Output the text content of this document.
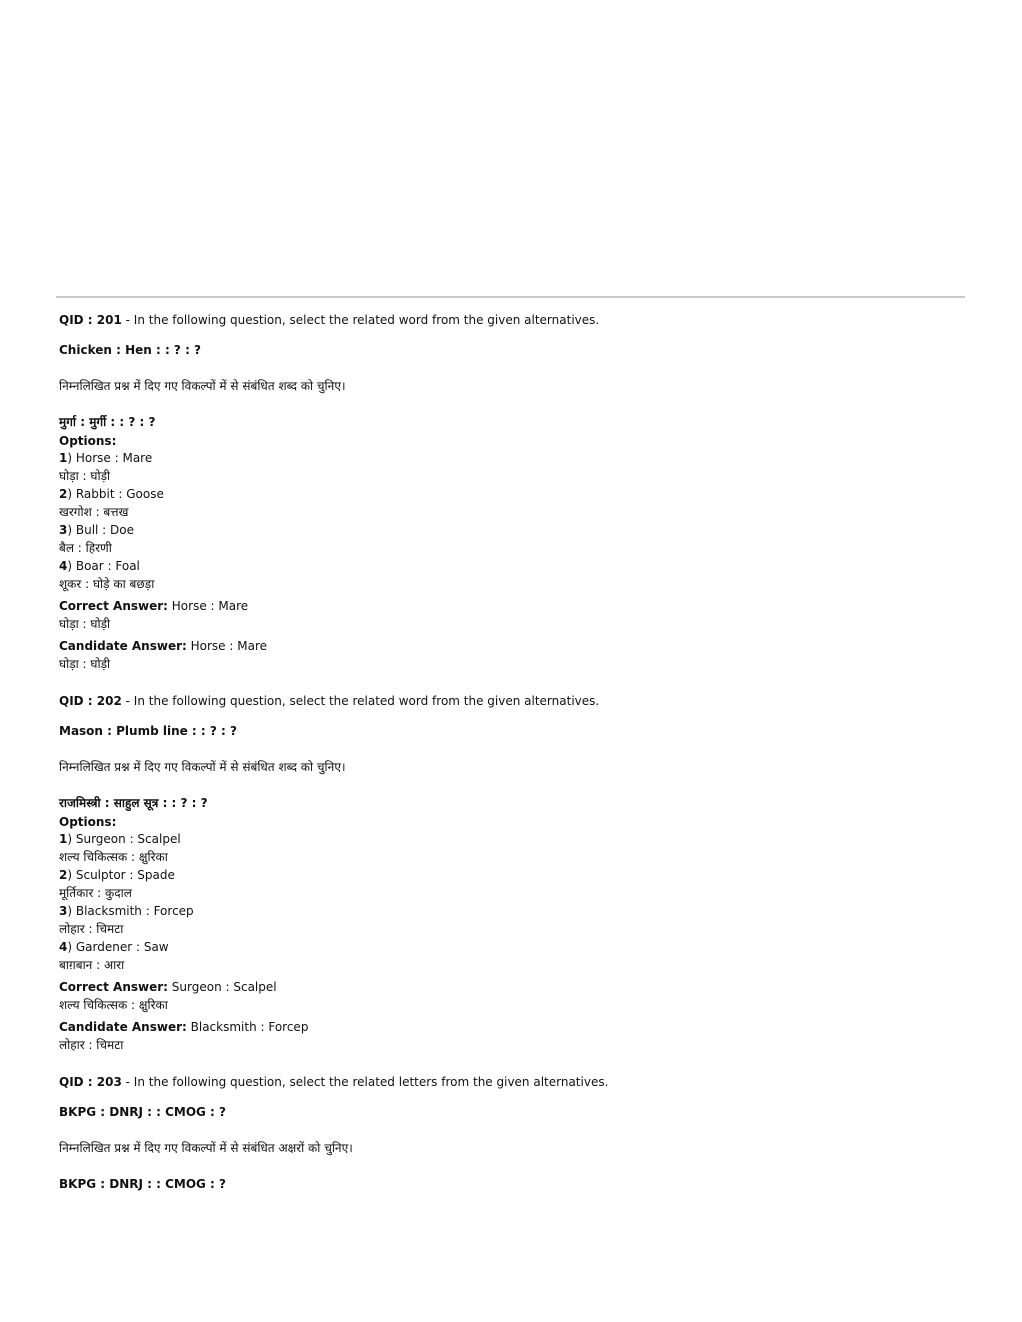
QID : 201 - In the following question, select the related word from the given alternatives.
Chicken : Hen : : ? : ?
निम्नलिखित प्रश्न में दिए गए विकल्पों में से संबंधित शब्द को चुनिए।
मुर्गा : मुर्गी : : ? : ?
Options:
1) Horse : Mare
घोड़ा : घोड़ी
2) Rabbit : Goose
खरगोश : बत्तख
3) Bull : Doe
बैल : हिरणी
4) Boar : Foal
शूकर : घोड़े का बछड़ा
Correct Answer: Horse : Mare
घोड़ा : घोड़ी
Candidate Answer: Horse : Mare
घोड़ा : घोड़ी
QID : 202 - In the following question, select the related word from the given alternatives.
Mason : Plumb line : : ? : ?
निम्नलिखित प्रश्न में दिए गए विकल्पों में से संबंधित शब्द को चुनिए।
राजमिस्त्री : साहुल सूत्र : : ? : ?
Options:
1) Surgeon : Scalpel
शल्य चिकित्सक : क्षुरिका
2) Sculptor : Spade
मूर्तिकार : कुदाल
3) Blacksmith : Forcep
लोहार : चिमटा
4) Gardener : Saw
बाग़बान : आरा
Correct Answer: Surgeon : Scalpel
शल्य चिकित्सक : क्षुरिका
Candidate Answer: Blacksmith : Forcep
लोहार : चिमटा
QID : 203 - In the following question, select the related letters from the given alternatives.
BKPG : DNRJ : : CMOG : ?
निम्नलिखित प्रश्न में दिए गए विकल्पों में से संबंधित अक्षरों को चुनिए।
BKPG : DNRJ : : CMOG : ?
